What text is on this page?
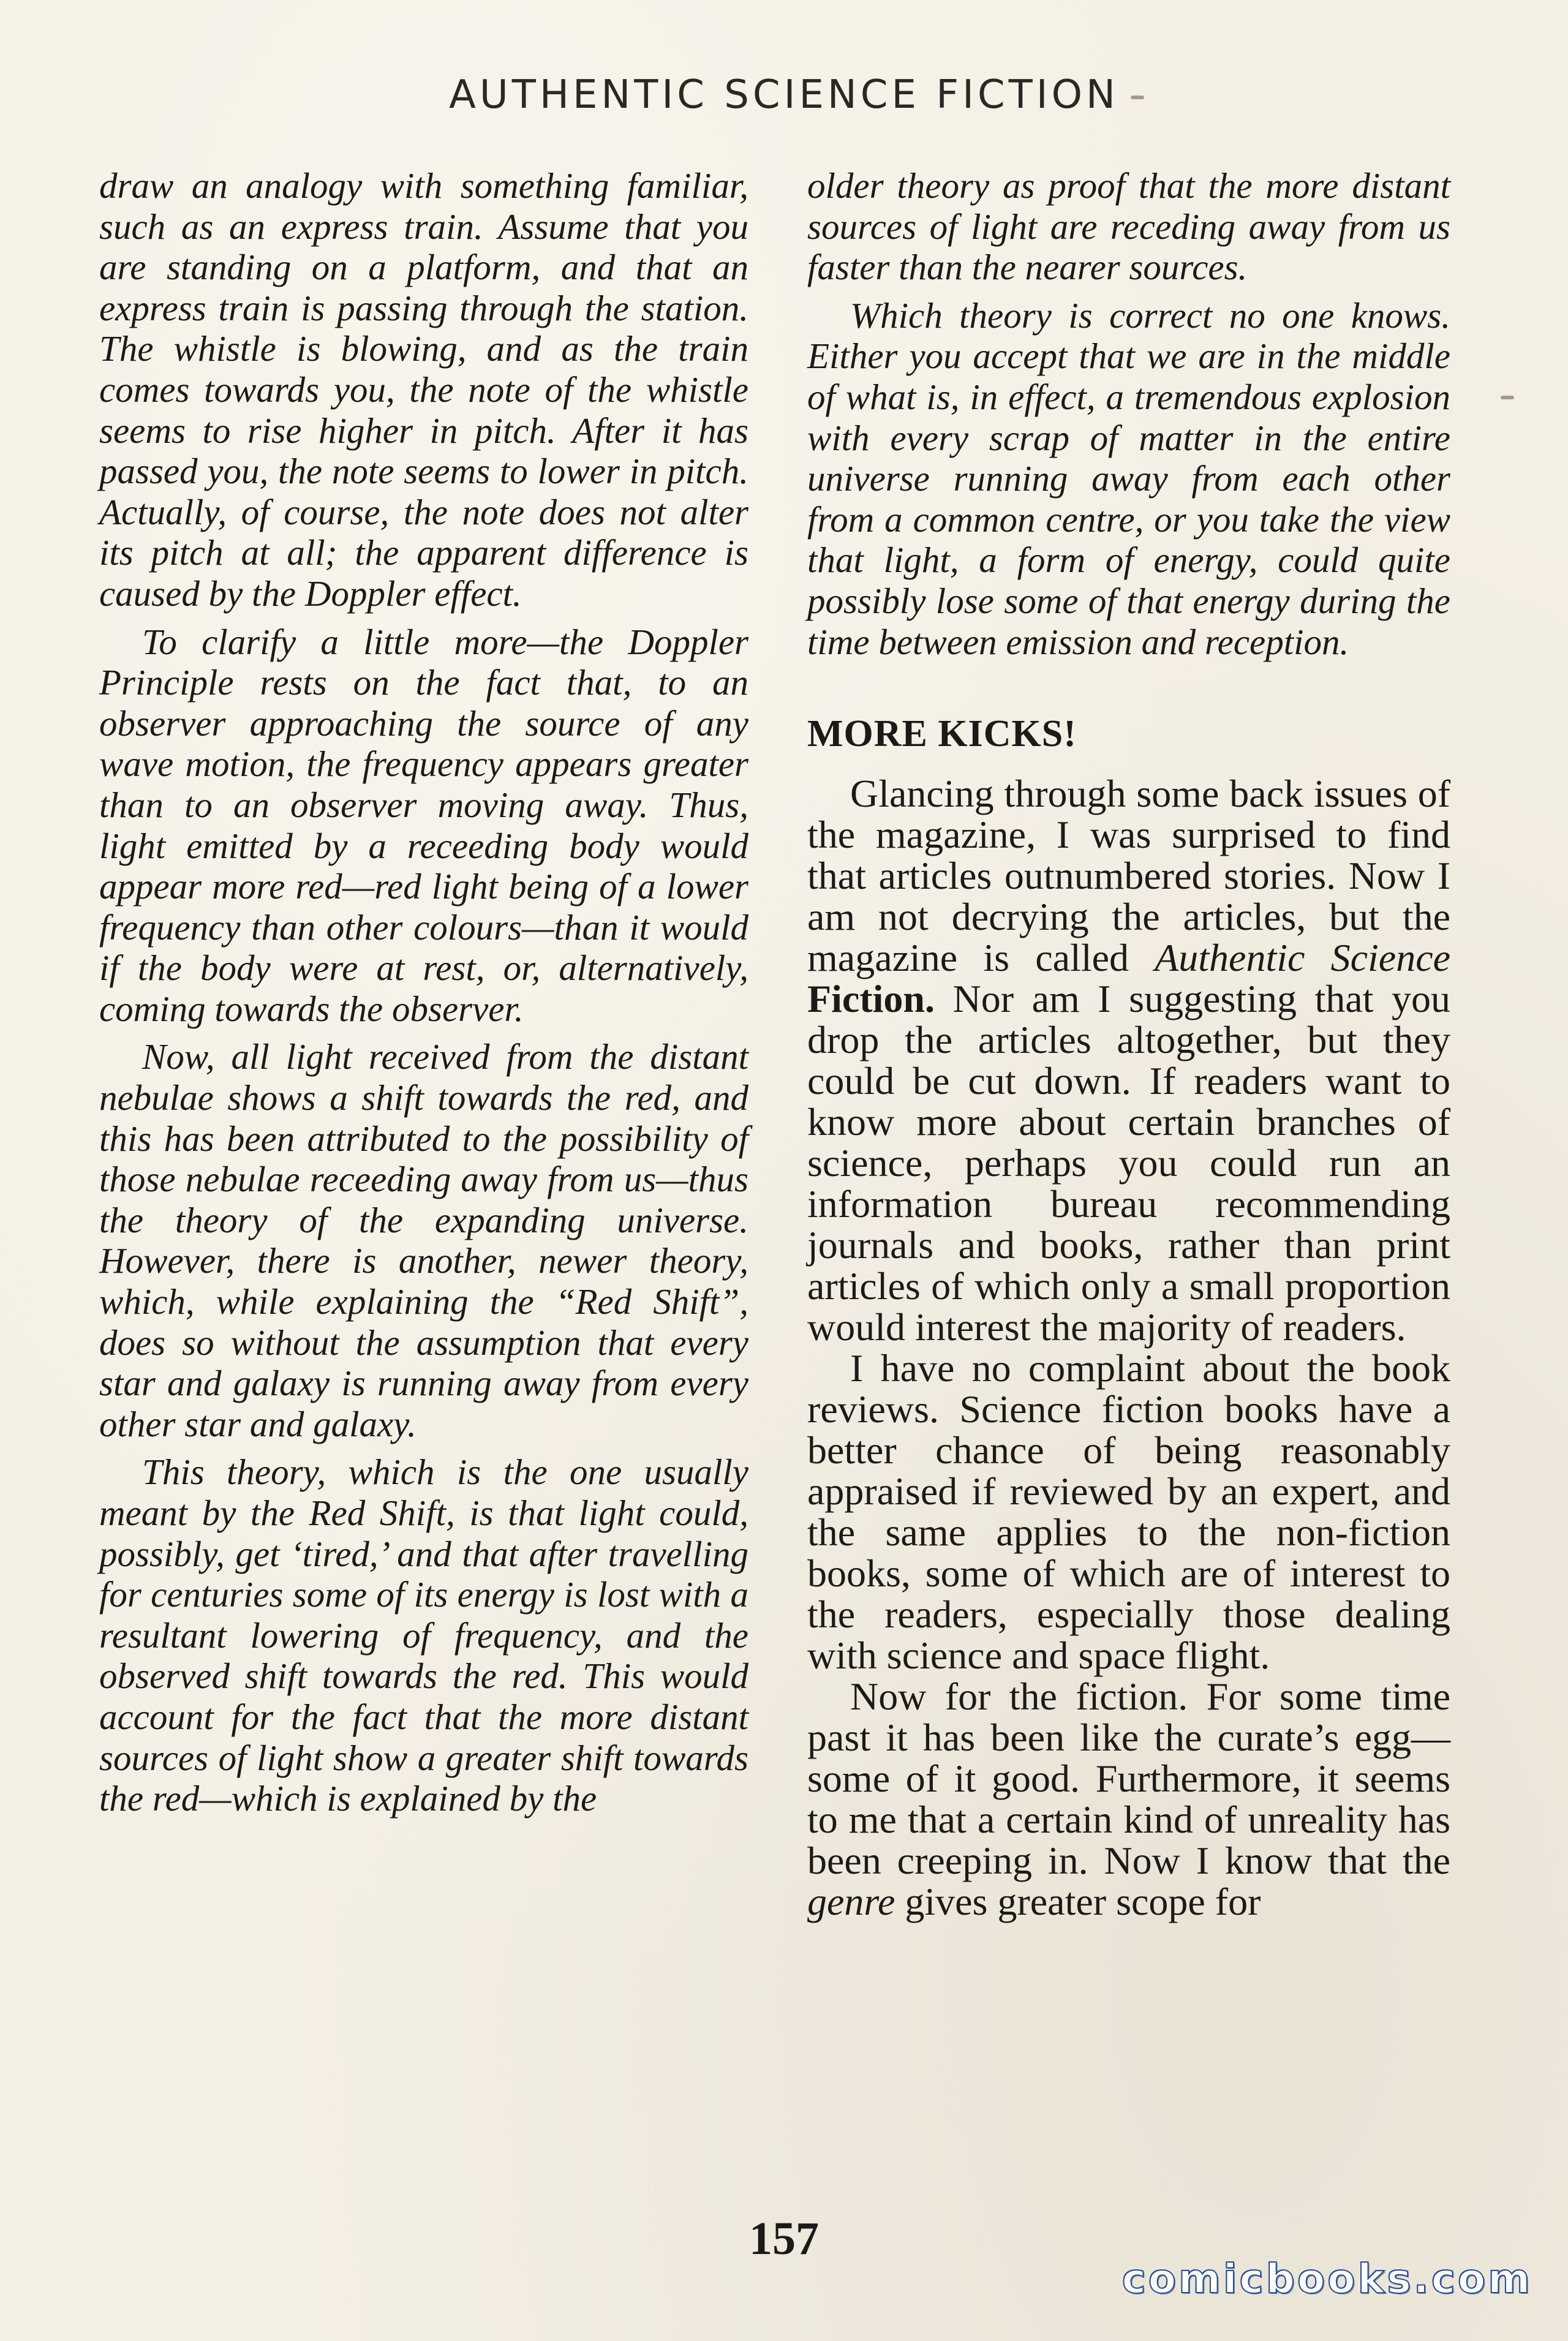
AUTHENTIC SCIENCE FICTION

draw an analogy with something familiar, such as an express train. Assume that you are standing on a platform, and that an express train is passing through the station. The whistle is blowing, and as the train comes towards you, the note of the whistle seems to rise higher in pitch. After it has passed you, the note seems to lower in pitch. Actually, of course, the note does not alter its pitch at all; the apparent difference is caused by the Doppler effect.

To clarify a little more—the Doppler Principle rests on the fact that, to an observer approaching the source of any wave motion, the frequency appears greater than to an observer moving away. Thus, light emitted by a receeding body would appear more red—red light being of a lower frequency than other colours—than it would if the body were at rest, or, alternatively, coming towards the observer.

Now, all light received from the distant nebulae shows a shift towards the red, and this has been attributed to the possibility of those nebulae receeding away from us—thus the theory of the expanding universe. However, there is another, newer theory, which, while explaining the “Red Shift”, does so without the assumption that every star and galaxy is running away from every other star and galaxy.

This theory, which is the one usually meant by the Red Shift, is that light could, possibly, get ‘tired,’ and that after travelling for centuries some of its energy is lost with a resultant lowering of frequency, and the observed shift towards the red. This would account for the fact that the more distant sources of light show a greater shift towards the red—which is explained by the

older theory as proof that the more distant sources of light are receding away from us faster than the nearer sources.

Which theory is correct no one knows. Either you accept that we are in the middle of what is, in effect, a tremendous explosion with every scrap of matter in the entire universe running away from each other from a common centre, or you take the view that light, a form of energy, could quite possibly lose some of that energy during the time between emission and reception.

MORE KICKS!

Glancing through some back issues of the magazine, I was surprised to find that articles outnumbered stories. Now I am not decrying the articles, but the magazine is called Authentic Science Fiction. Nor am I suggesting that you drop the articles altogether, but they could be cut down. If readers want to know more about certain branches of science, perhaps you could run an information bureau recommending journals and books, rather than print articles of which only a small proportion would interest the majority of readers.

I have no complaint about the book reviews. Science fiction books have a better chance of being reasonably appraised if reviewed by an expert, and the same applies to the non-fiction books, some of which are of interest to the readers, especially those dealing with science and space flight.

Now for the fiction. For some time past it has been like the curate’s egg—some of it good. Furthermore, it seems to me that a certain kind of unreality has been creeping in. Now I know that the genre gives greater scope for

157
comicbooks.com
